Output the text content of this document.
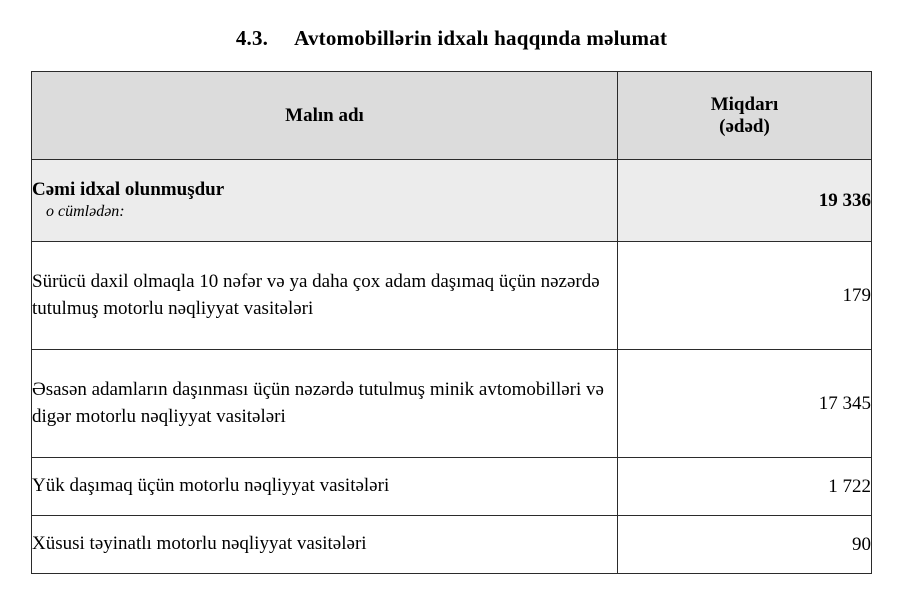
4.3. Avtomobillərin idxalı haqqında məlumat
Malın adı	Miqdarı
(ədəd)

Cəmi idxal olunmuşdur
o cümlədən:	19 336
Sürücü daxil olmaqla 10 nəfər və ya daha çox adam daşımaq üçün nəzərdə tutulmuş motorlu nəqliyyat vasitələri	179
Əsasən adamların daşınması üçün nəzərdə tutulmuş minik avtomobilləri və digər motorlu nəqliyyat vasitələri	17 345
Yük daşımaq üçün motorlu nəqliyyat vasitələri	1 722
Xüsusi təyinatlı motorlu nəqliyyat vasitələri	90
